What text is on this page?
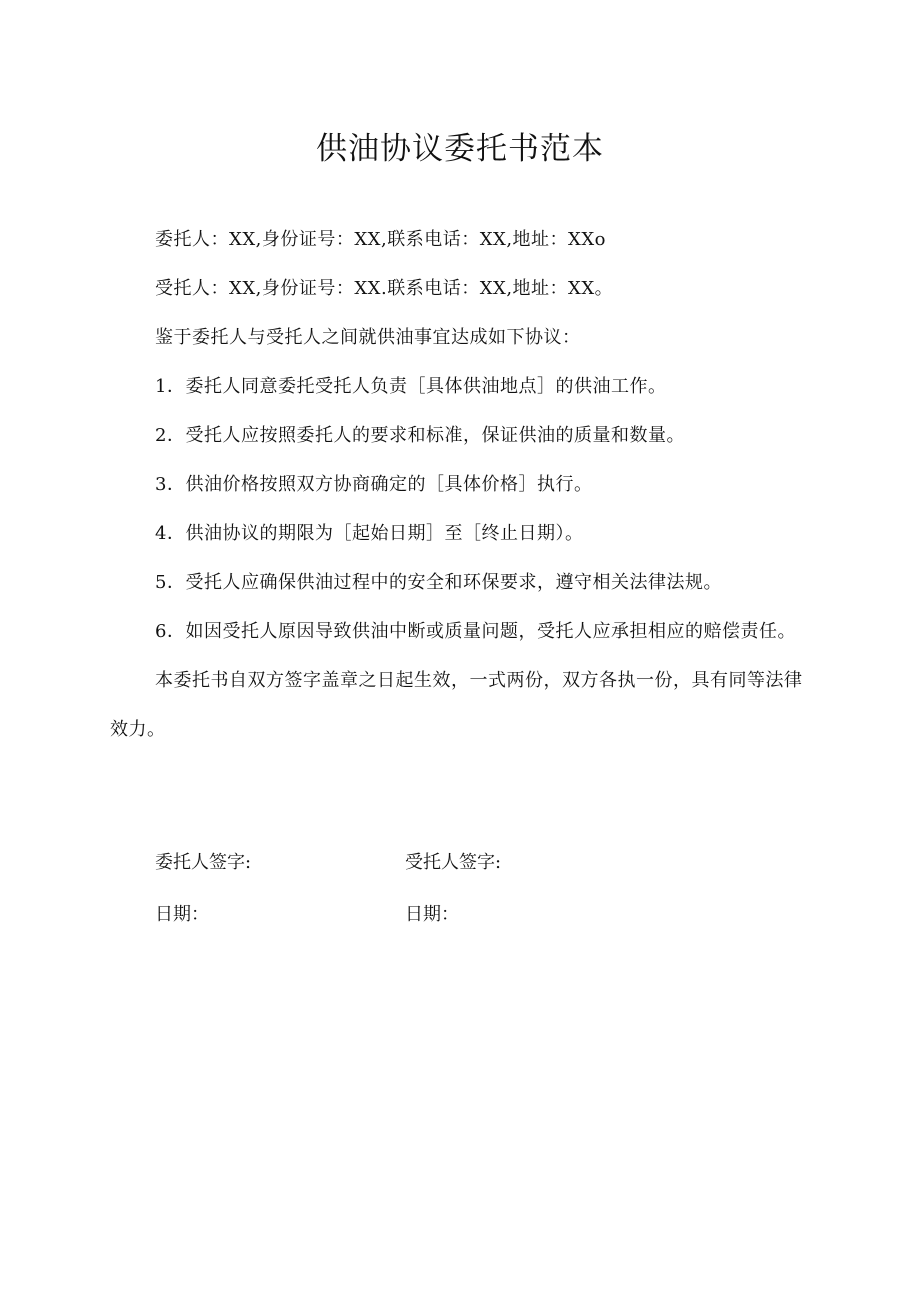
供油协议委托书范本

委托人：XX,身份证号：XX,联系电话：XX,地址：XXo

受托人：XX,身份证号：XX.联系电话：XX,地址：XX。

鉴于委托人与受托人之间就供油事宜达成如下协议：

1．委托人同意委托受托人负责［具体供油地点］的供油工作。

2．受托人应按照委托人的要求和标准，保证供油的质量和数量。

3．供油价格按照双方协商确定的［具体价格］执行。

4．供油协议的期限为［起始日期］至［终止日期）。

5．受托人应确保供油过程中的安全和环保要求，遵守相关法律法规。

6．如因受托人原因导致供油中断或质量问题，受托人应承担相应的赔偿责任。

本委托书自双方签字盖章之日起生效，一式两份，双方各执一份，具有同等法律效力。

委托人签字:	受托人签字:
日期：	日期：
